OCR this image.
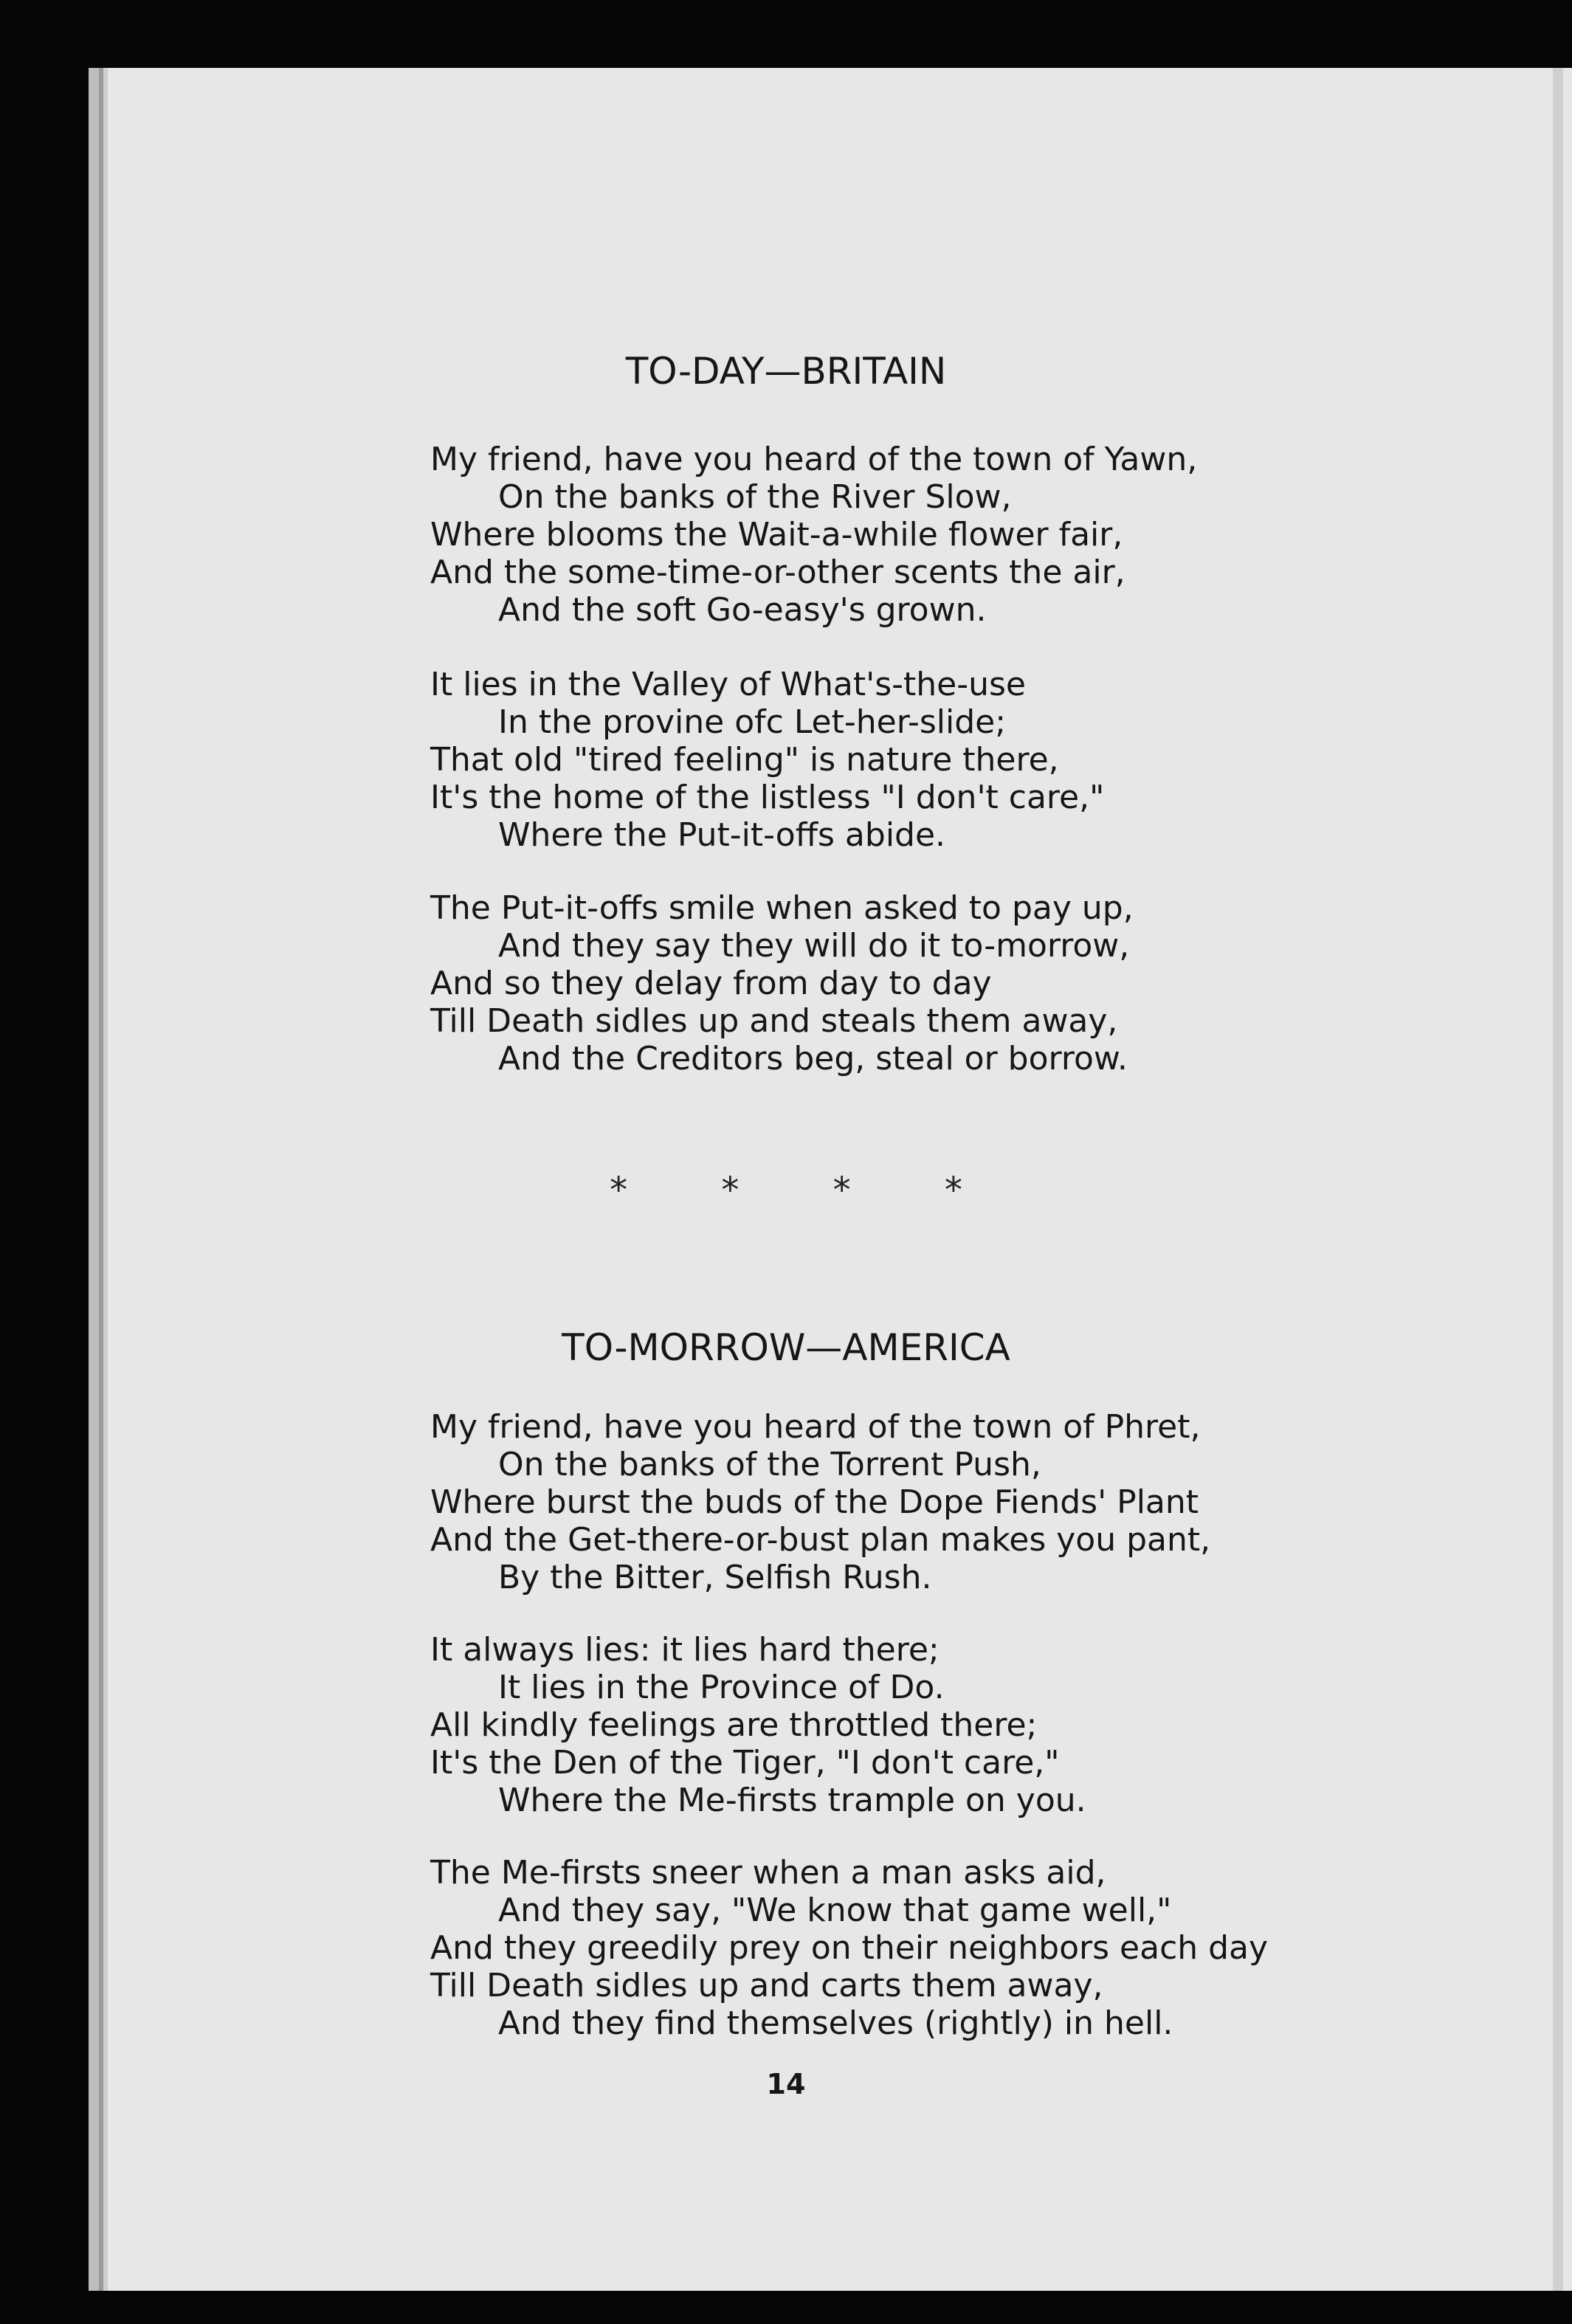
TO-DAY—BRITAIN
My friend, have you heard of the town of Yawn,
On the banks of the River Slow,
Where blooms the Wait-a-while flower fair,
And the some-time-or-other scents the air,
And the soft Go-easy's grown.
It lies in the Valley of What's-the-use
In the provine ofc Let-her-slide;
That old "tired feeling" is nature there,
It's the home of the listless "I don't care,"
Where the Put-it-offs abide.
The Put-it-offs smile when asked to pay up,
And they say they will do it to-morrow,
And so they delay from day to day
Till Death sidles up and steals them away,
And the Creditors beg, steal or borrow.
* * * *
TO-MORROW—AMERICA
My friend, have you heard of the town of Phret,
On the banks of the Torrent Push,
Where burst the buds of the Dope Fiends' Plant
And the Get-there-or-bust plan makes you pant,
By the Bitter, Selfish Rush.
It always lies: it lies hard there;
It lies in the Province of Do.
All kindly feelings are throttled there;
It's the Den of the Tiger, "I don't care,"
Where the Me-firsts trample on you.
The Me-firsts sneer when a man asks aid,
And they say, "We know that game well,"
And they greedily prey on their neighbors each day
Till Death sidles up and carts them away,
And they find themselves (rightly) in hell.
14
